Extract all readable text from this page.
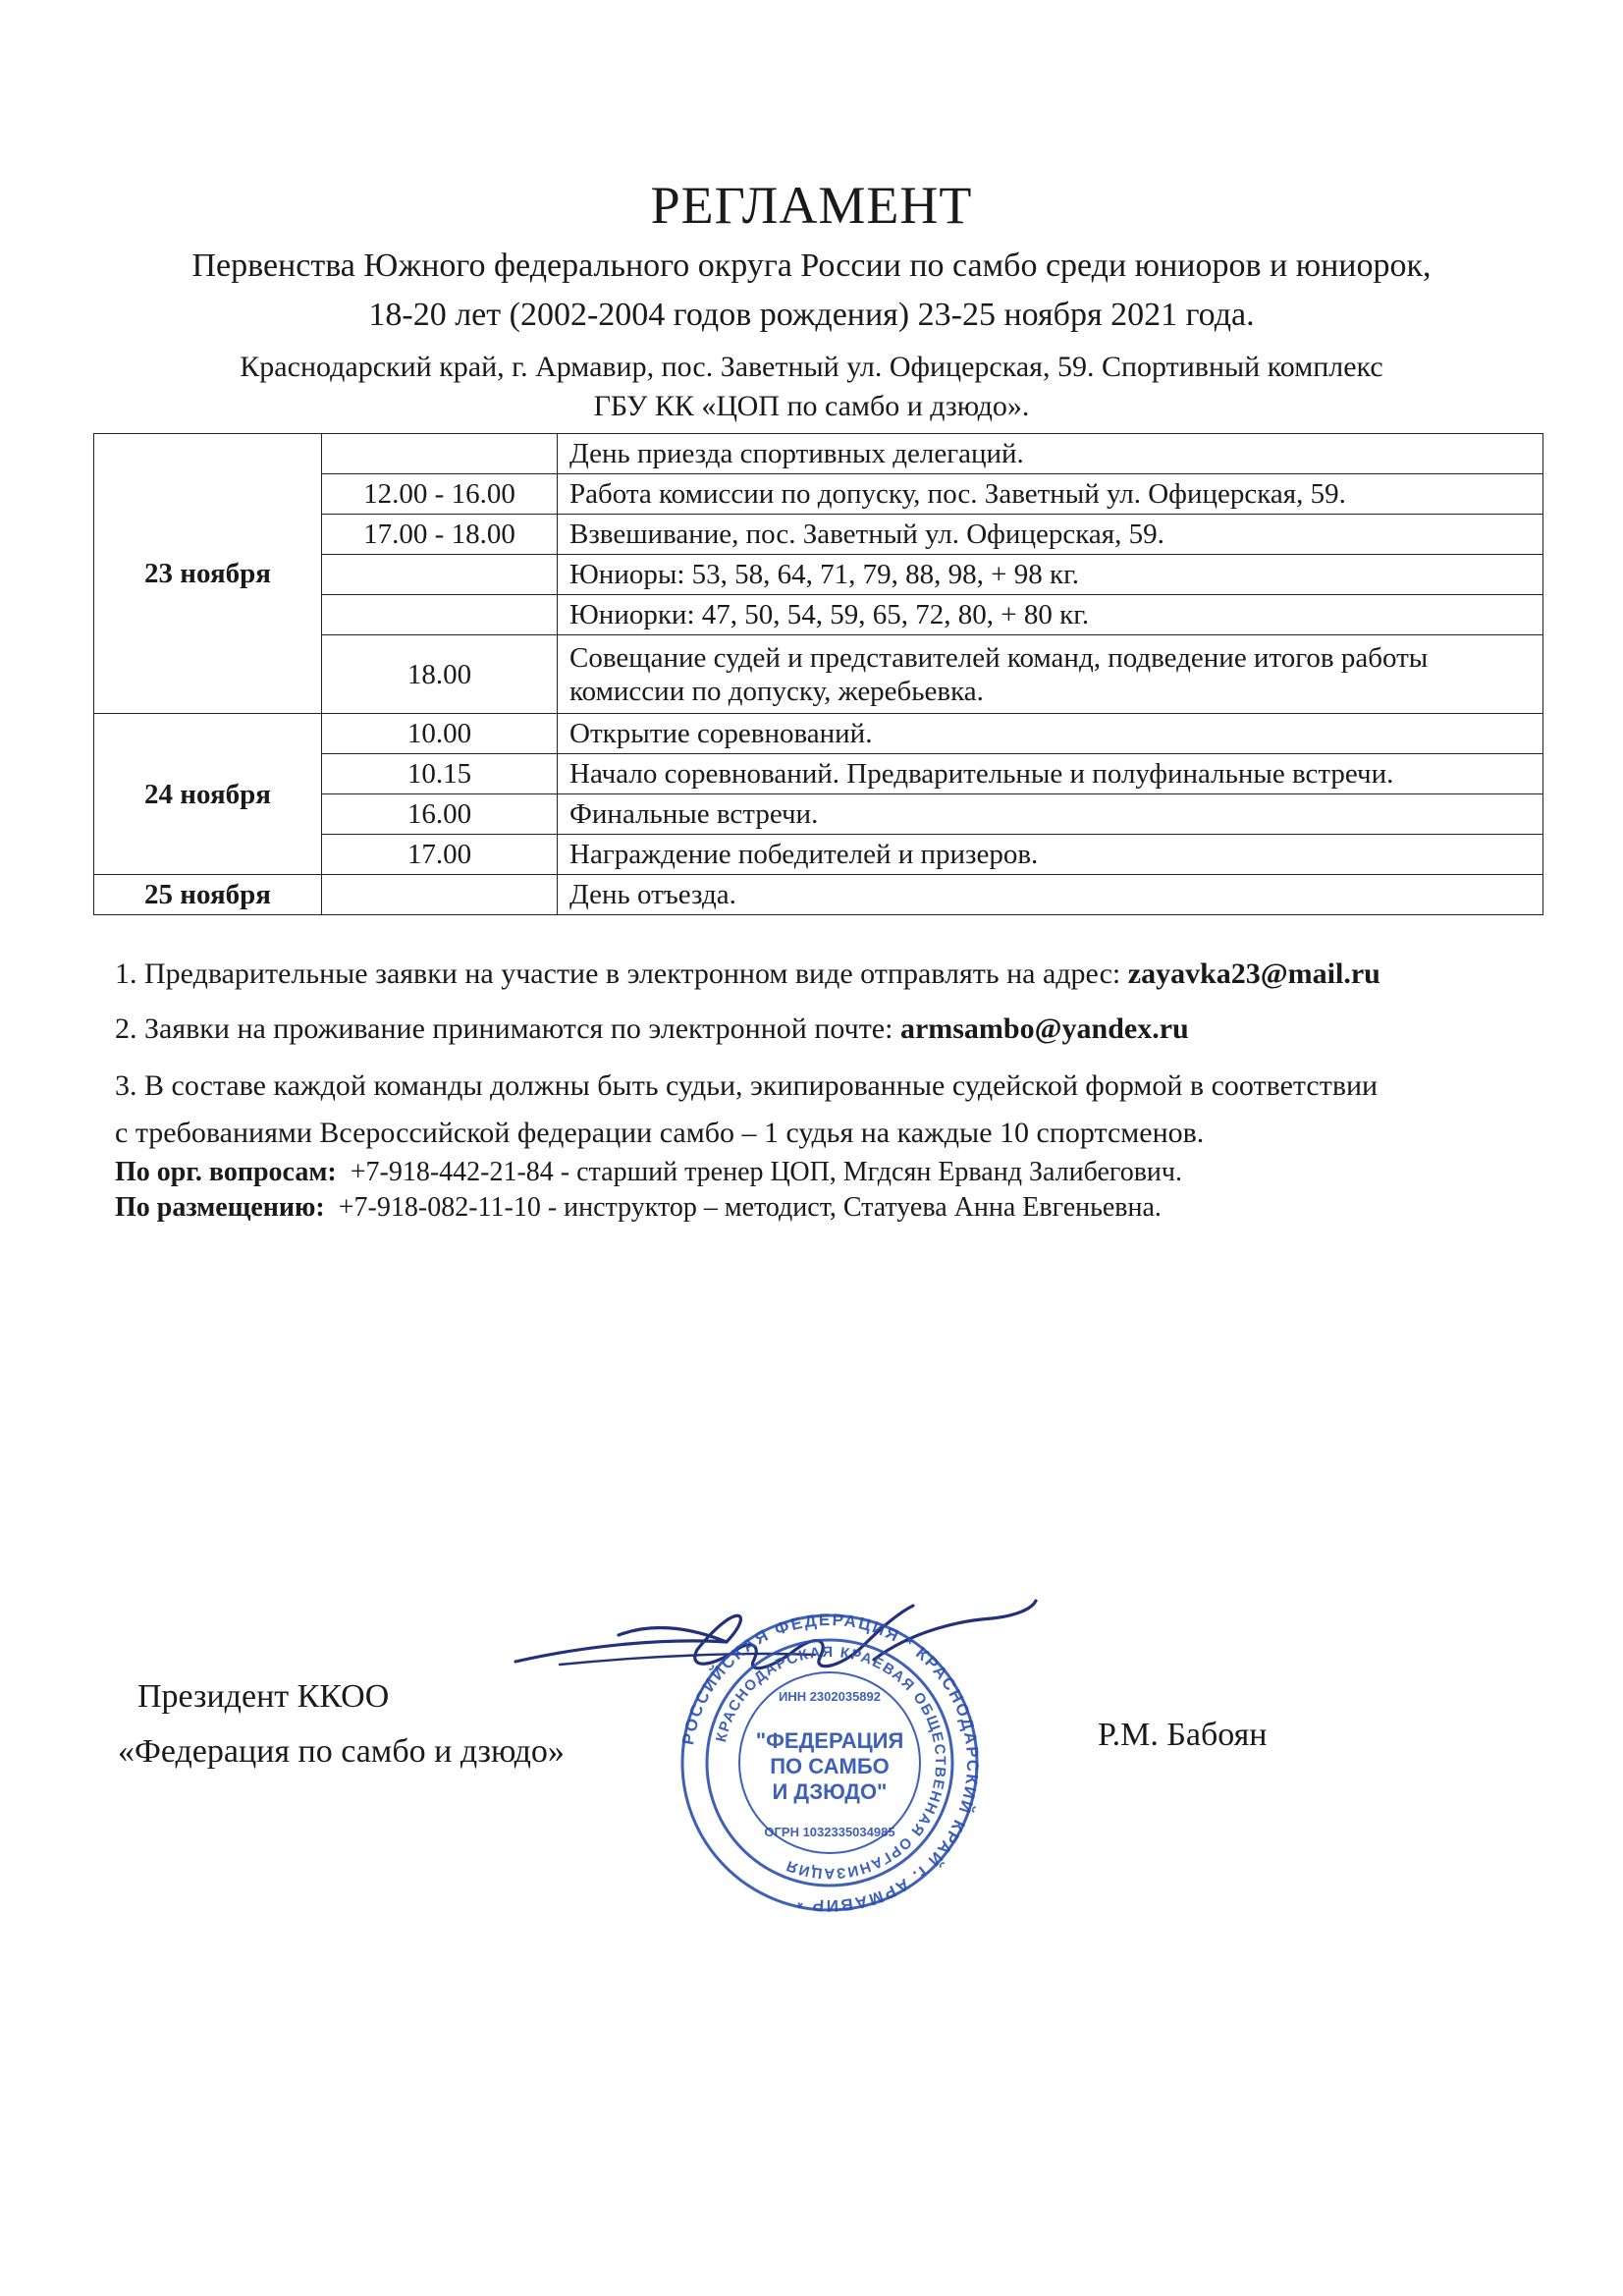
РЕГЛАМЕНТ
Первенства Южного федерального округа России по самбо среди юниоров и юниорок,
18-20 лет (2002-2004 годов рождения) 23-25 ноября 2021 года.
Краснодарский край, г. Армавир, пос. Заветный ул. Офицерская, 59. Спортивный комплекс
ГБУ КК «ЦОП по самбо и дзюдо».
23 ноября		День приезда спортивных делегаций.
	12.00 - 16.00	Работа комиссии по допуску, пос. Заветный ул. Офицерская, 59.
	17.00 - 18.00	Взвешивание, пос. Заветный ул. Офицерская, 59.
		Юниоры: 53, 58, 64, 71, 79, 88, 98, + 98 кг.
		Юниорки: 47, 50, 54, 59, 65, 72, 80, + 80 кг.
	18.00	Совещание судей и представителей команд, подведение итогов работы комиссии по допуску, жеребьевка.
24 ноября	10.00	Открытие соревнований.
	10.15	Начало соревнований. Предварительные и полуфинальные встречи.
	16.00	Финальные встречи.
	17.00	Награждение победителей и призеров.
25 ноября		День отъезда.
1. Предварительные заявки на участие в электронном виде отправлять на адрес: zayavka23@mail.ru
2. Заявки на проживание принимаются по электронной почте: armsambo@yandex.ru
3. В составе каждой команды должны быть судьи, экипированные судейской формой в соответствии
с требованиями Всероссийской федерации самбо – 1 судья на каждые 10 спортсменов.
По орг. вопросам: +7-918-442-21-84 - старший тренер ЦОП, Мгдсян Ерванд Залибегович.
По размещению: +7-918-082-11-10 - инструктор – методист, Статуева Анна Евгеньевна.
Президент ККОО
«Федерация по самбо и дзюдо»	Р.М. Бабоян
РОССИЙСКАЯ ФЕДЕРАЦИЯ * КРАСНОДАРСКИЙ КРАЙ г. АРМАВИР *
КРАСНОДАРСКАЯ КРАЕВАЯ ОБЩЕСТВЕННАЯ ОРГАНИЗАЦИЯ
ИНН 2302035892
"ФЕДЕРАЦИЯ
ПО САМБО
И ДЗЮДО"
ОГРН 1032335034985
